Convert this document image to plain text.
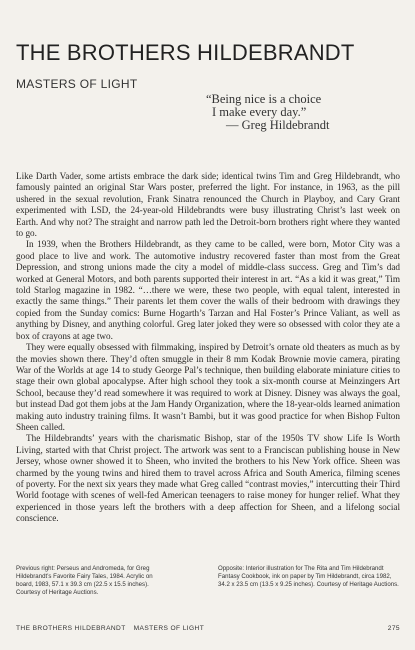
THE BROTHERS HILDEBRANDT
MASTERS OF LIGHT
“Being nice is a choice
I make every day.”
— Greg Hildebrandt

Like Darth Vader, some artists embrace the dark side; identical twins Tim and Greg Hildebrandt, who famously painted an original Star Wars poster, preferred the light. For instance, in 1963, as the pill ushered in the sexual revolution, Frank Sinatra renounced the Church in Playboy, and Cary Grant experimented with LSD, the 24-year-old Hildebrandts were busy illustrating Christ’s last week on Earth. And why not? The straight and narrow path led the Detroit-born brothers right where they wanted to go.

In 1939, when the Brothers Hildebrandt, as they came to be called, were born, Motor City was a good place to live and work. The automotive industry recovered faster than most from the Great Depression, and strong unions made the city a model of middle-class success. Greg and Tim’s dad worked at General Motors, and both parents supported their interest in art. “As a kid it was great,” Tim told Starlog magazine in 1982. “…there we were, these two people, with equal talent, interested in exactly the same things.” Their parents let them cover the walls of their bedroom with drawings they copied from the Sunday comics: Burne Hogarth’s Tarzan and Hal Foster’s Prince Valiant, as well as anything by Disney, and anything colorful. Greg later joked they were so obsessed with color they ate a box of crayons at age two.

They were equally obsessed with filmmaking, inspired by Detroit’s ornate old theaters as much as by the movies shown there. They’d often smuggle in their 8 mm Kodak Brownie movie camera, pirating War of the Worlds at age 14 to study George Pal’s technique, then building elaborate miniature cities to stage their own global apocalypse. After high school they took a six-month course at Meinzingers Art School, because they’d read somewhere it was required to work at Disney. Disney was always the goal, but instead Dad got them jobs at the Jam Handy Organization, where the 18-year-olds learned animation making auto industry training films. It wasn’t Bambi, but it was good practice for when Bishop Fulton Sheen called.

The Hildebrandts’ years with the charismatic Bishop, star of the 1950s TV show Life Is Worth Living, started with that Christ project. The artwork was sent to a Franciscan publishing house in New Jersey, whose owner showed it to Sheen, who invited the brothers to his New York office. Sheen was charmed by the young twins and hired them to travel across Africa and South America, filming scenes of poverty. For the next six years they made what Greg called “contrast movies,” intercutting their Third World footage with scenes of well-fed American teenagers to raise money for hunger relief. What they experienced in those years left the brothers with a deep affection for Sheen, and a lifelong social conscience.

Previous right: Perseus and Andromeda, for Greg Hildebrandt’s Favorite Fairy Tales, 1984. Acrylic on board, 1983, 57.1 x 39.3 cm (22.5 x 15.5 inches). Courtesy of Heritage Auctions.
Opposite: Interior illustration for The Rita and Tim Hildebrandt Fantasy Cookbook, ink on paper by Tim Hildebrandt, circa 1982, 34.2 x 23.5 cm (13.5 x 9.25 inches). Courtesy of Heritage Auctions.
THE BROTHERS HILDEBRANDT MASTERS OF LIGHT	275
